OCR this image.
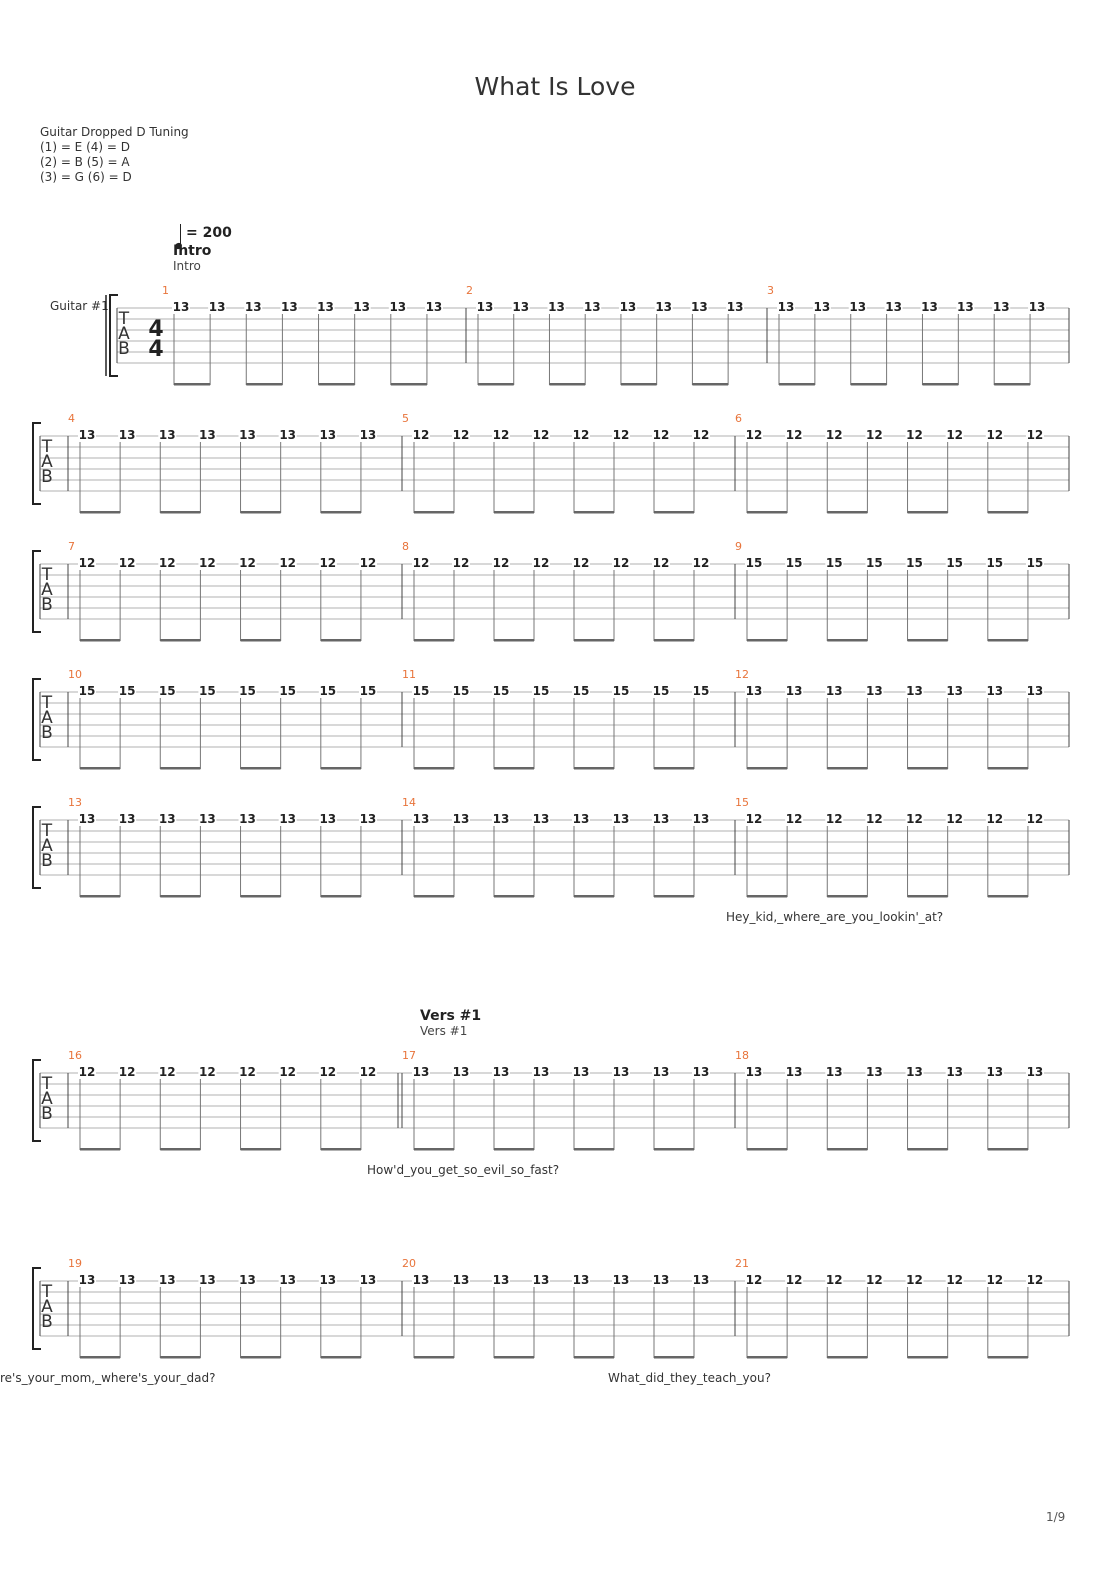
What Is Love
Guitar Dropped D Tuning
(1) = E (4) = D
(2) = B (5) = A
(3) = G (6) = D
= 200
Intro
Intro
Vers #1
Vers #1
Guitar #1
Hey_kid,_where_are_you_lookin'_at?
How'd_you_get_so_evil_so_fast?
re's_your_mom,_where's_your_dad?	What_did_they_teach_you?
T
A
B
4
4
1
13 13 13 13 13 13 13 13
2
13 13 13 13 13 13 13 13
3
13 13 13 13 13 13 13 13
T
A
B
4
13 13 13 13 13 13 13 13
5
12 12 12 12 12 12 12 12
6
12 12 12 12 12 12 12 12
T
A
B
7
12 12 12 12 12 12 12 12
8
12 12 12 12 12 12 12 12
9
15 15 15 15 15 15 15 15
T
A
B
10
15 15 15 15 15 15 15 15
11
15 15 15 15 15 15 15 15
12
13 13 13 13 13 13 13 13
T
A
B
13
13 13 13 13 13 13 13 13
14
13 13 13 13 13 13 13 13
15
12 12 12 12 12 12 12 12
T
A
B
16
12 12 12 12 12 12 12 12
17
13 13 13 13 13 13 13 13
18
13 13 13 13 13 13 13 13
T
A
B
19
13 13 13 13 13 13 13 13
20
13 13 13 13 13 13 13 13
21
12 12 12 12 12 12 12 12
1/9
